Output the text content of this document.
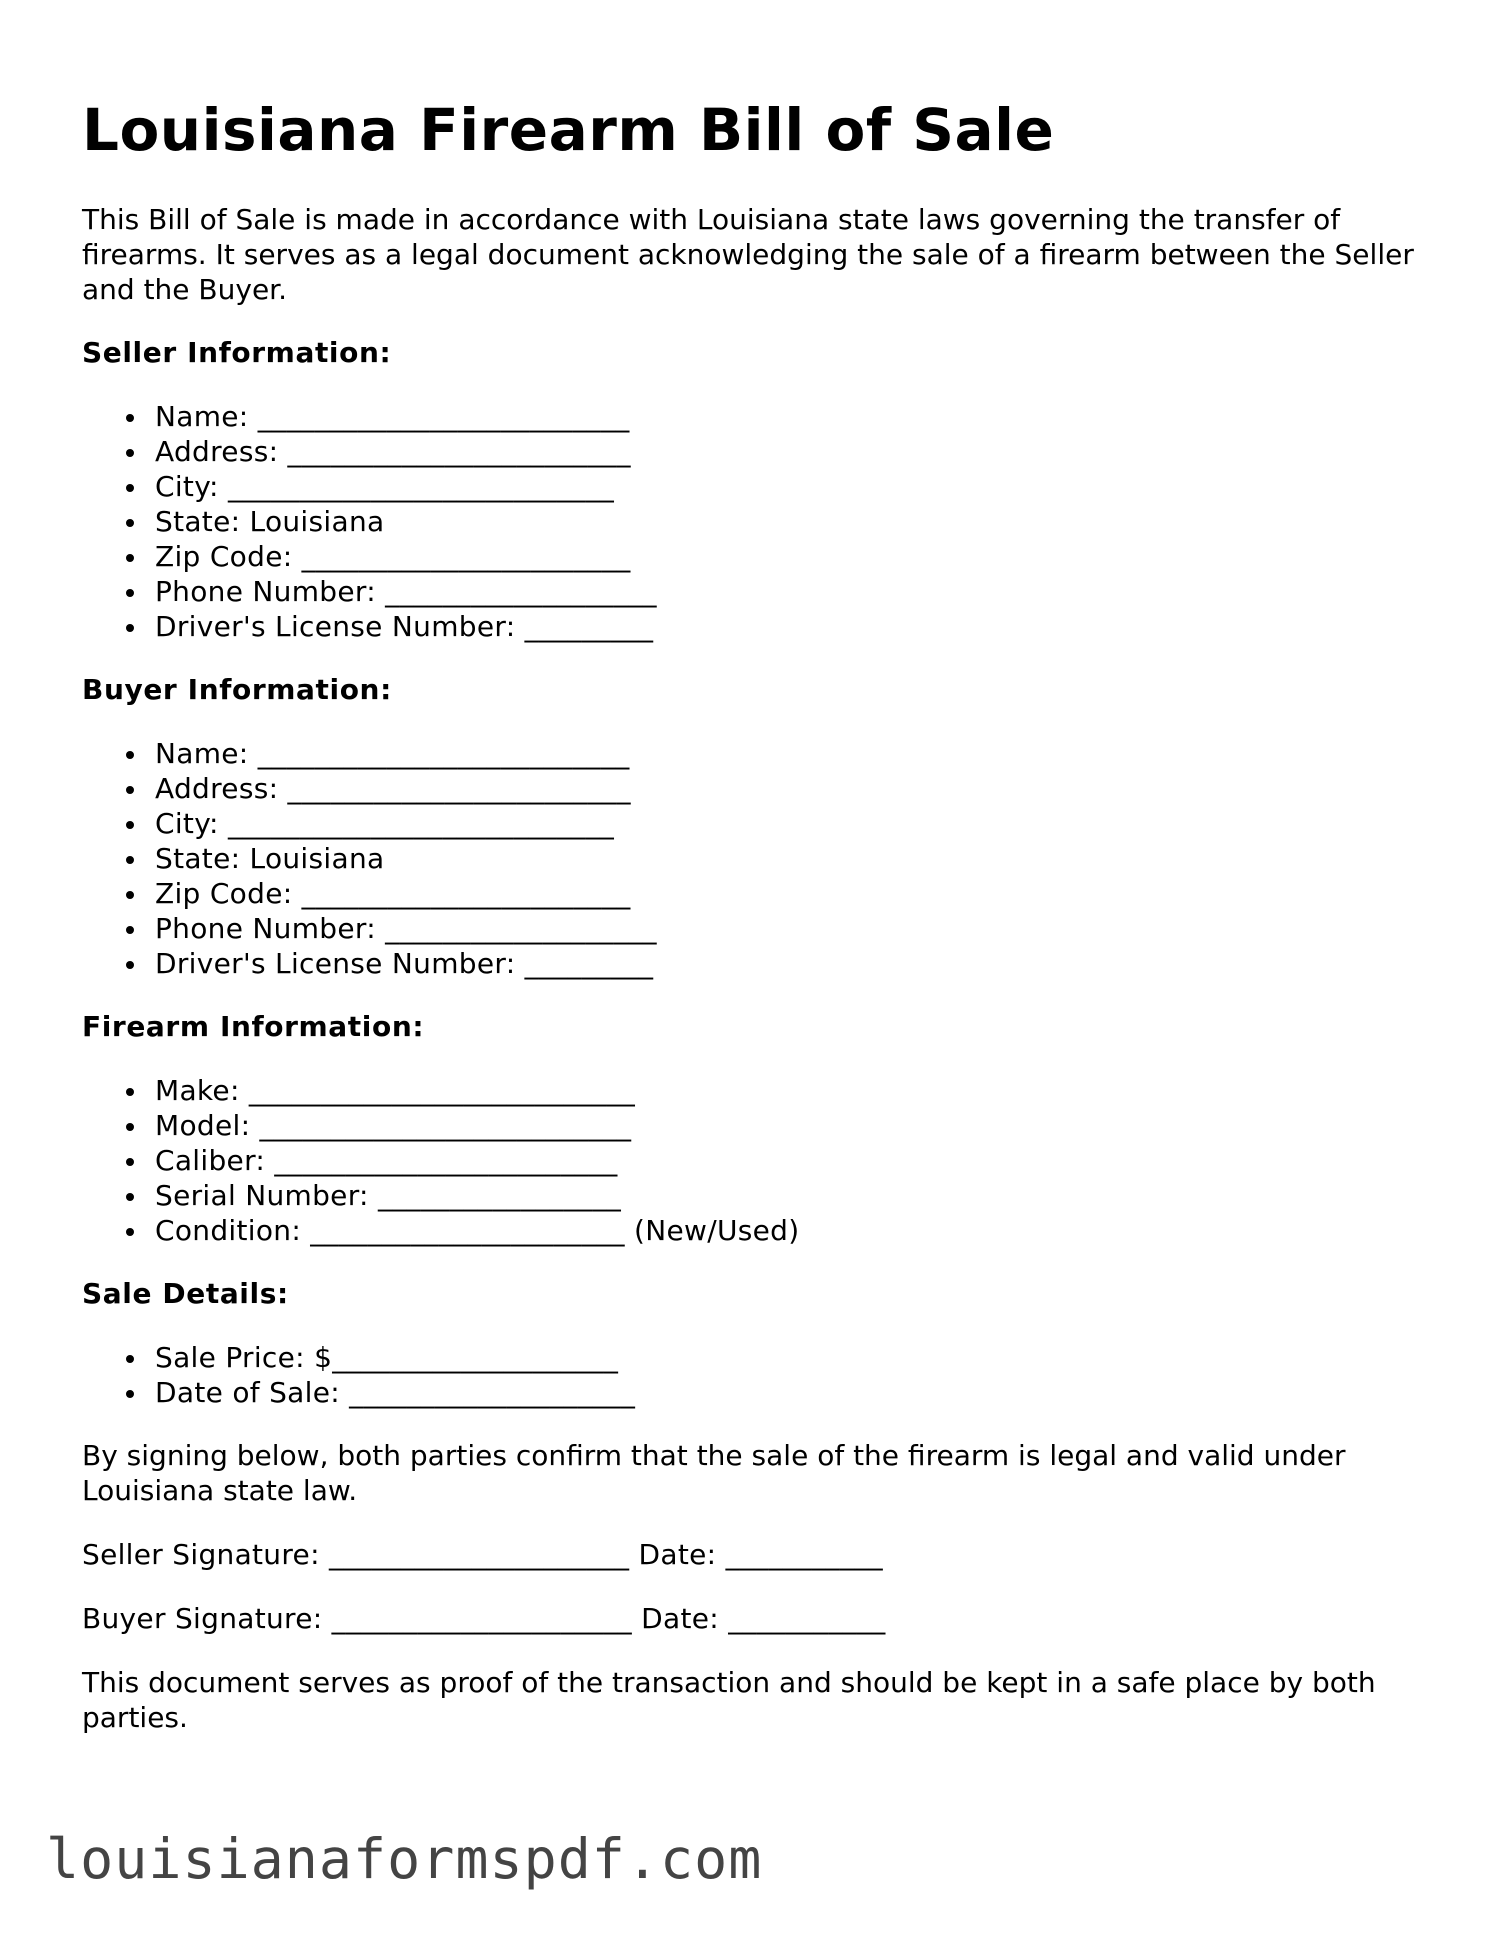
Louisiana Firearm Bill of Sale

This Bill of Sale is made in accordance with Louisiana state laws governing the transfer of firearms. It serves as a legal document acknowledging the sale of a firearm between the Seller and the Buyer.

Seller Information:
Name: __________________________
Address: ________________________
City: ___________________________
State: Louisiana
Zip Code: _______________________
Phone Number: ___________________
Driver's License Number: _________
Buyer Information:
Name: __________________________
Address: ________________________
City: ___________________________
State: Louisiana
Zip Code: _______________________
Phone Number: ___________________
Driver's License Number: _________
Firearm Information:
Make: ___________________________
Model: __________________________
Caliber: ________________________
Serial Number: _________________
Condition: ______________________ (New/Used)
Sale Details:
Sale Price: $____________________
Date of Sale: ____________________

By signing below, both parties confirm that the sale of the firearm is legal and valid under Louisiana state law.

Seller Signature: _____________________ Date: ___________
Buyer Signature: _____________________ Date: ___________

This document serves as proof of the transaction and should be kept in a safe place by both parties.

louisianaformspdf.com
